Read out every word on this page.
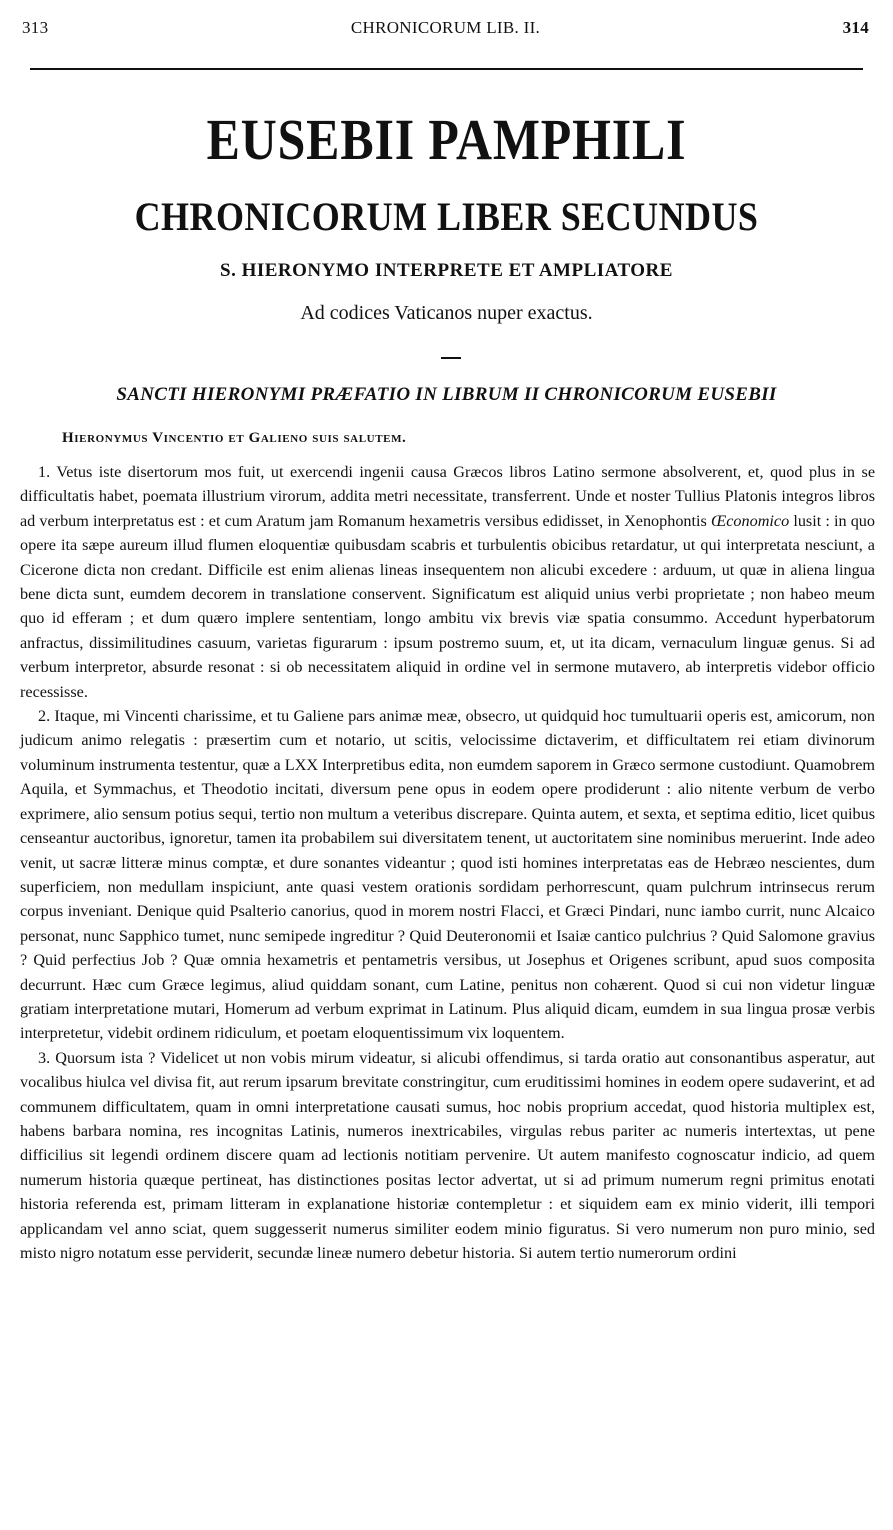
313	CHRONICORUM LIB. II.	314
EUSEBII PAMPHILI
CHRONICORUM LIBER SECUNDUS
S. HIERONYMO INTERPRETE ET AMPLIATORE
Ad codices Vaticanos nuper exactus.
SANCTI HIERONYMI PRÆFATIO IN LIBRUM II CHRONICORUM EUSEBII
Hieronymus Vincentio et Galieno suis salutem.

1. Vetus iste disertorum mos fuit, ut exercendi ingenii causa Græcos libros Latino sermone absolverent, et, quod plus in se difficultatis habet, poemata illustrium virorum, addita metri necessitate, transferrent. Unde et noster Tullius Platonis integros libros ad verbum interpretatus est : et cum Aratum jam Romanum hexametris versibus edidisset, in Xenophontis Œconomico lusit : in quo opere ita sæpe aureum illud flumen eloquentiæ quibusdam scabris et turbulentis obicibus retardatur, ut qui interpretata nesciunt, a Cicerone dicta non credant. Difficile est enim alienas lineas insequentem non alicubi excedere : arduum, ut quæ in aliena lingua bene dicta sunt, eumdem decorem in translatione conservent. Significatum est aliquid unius verbi proprietate ; non habeo meum quo id efferam ; et dum quæro implere sententiam, longo ambitu vix brevis viæ spatia consummo. Accedunt hyperbatorum anfractus, dissimilitudines casuum, varietas figurarum : ipsum postremo suum, et, ut ita dicam, vernaculum linguæ genus. Si ad verbum interpretor, absurde resonat : si ob necessitatem aliquid in ordine vel in sermone mutavero, ab interpretis videbor officio recessisse.

2. Itaque, mi Vincenti charissime, et tu Galiene pars animæ meæ, obsecro, ut quidquid hoc tumultuarii operis est, amicorum, non judicum animo relegatis : præsertim cum et notario, ut scitis, velocissime dictaverim, et difficultatem rei etiam divinorum voluminum instrumenta testentur, quæ a LXX Interpretibus edita, non eumdem saporem in Græco sermone custodiunt. Quamobrem Aquila, et Symmachus, et Theodotio incitati, diversum pene opus in eodem opere prodiderunt : alio nitente verbum de verbo exprimere, alio sensum potius sequi, tertio non multum a veteribus discrepare. Quinta autem, et sexta, et septima editio, licet quibus censeantur auctoribus, ignoretur, tamen ita probabilem sui diversitatem tenent, ut auctoritatem sine nominibus meruerint. Inde adeo venit, ut sacræ litteræ minus comptæ, et dure sonantes videantur ; quod isti homines interpretatas eas de Hebræo nescientes, dum superficiem, non medullam inspiciunt, ante quasi vestem orationis sordidam perhorrescunt, quam pulchrum intrinsecus rerum corpus inveniant. Denique quid Psalterio canorius, quod in morem nostri Flacci, et Græci Pindari, nunc iambo currit, nunc Alcaico personat, nunc Sapphico tumet, nunc semipede ingreditur ? Quid Deuteronomii et Isaiæ cantico pulchrius ? Quid Salomone gravius ? Quid perfectius Job ? Quæ omnia hexametris et pentametris versibus, ut Josephus et Origenes scribunt, apud suos composita decurrunt. Hæc cum Græce legimus, aliud quiddam sonant, cum Latine, penitus non cohærent. Quod si cui non videtur linguæ gratiam interpretatione mutari, Homerum ad verbum exprimat in Latinum. Plus aliquid dicam, eumdem in sua lingua prosæ verbis interpretetur, videbit ordinem ridiculum, et poetam eloquentissimum vix loquentem.

3. Quorsum ista ? Videlicet ut non vobis mirum videatur, si alicubi offendimus, si tarda oratio aut consonantibus asperatur, aut vocalibus hiulca vel divisa fit, aut rerum ipsarum brevitate constringitur, cum eruditissimi homines in eodem opere sudaverint, et ad communem difficultatem, quam in omni interpretatione causati sumus, hoc nobis proprium accedat, quod historia multiplex est, habens barbara nomina, res incognitas Latinis, numeros inextricabiles, virgulas rebus pariter ac numeris intertextas, ut pene difficilius sit legendi ordinem discere quam ad lectionis notitiam pervenire. Ut autem manifesto cognoscatur indicio, ad quem numerum historia quæque pertineat, has distinctiones positas lector advertat, ut si ad primum numerum regni primitus enotati historia referenda est, primam litteram in explanatione historiæ contempletur : et siquidem eam ex minio viderit, illi tempori applicandam vel anno sciat, quem suggesserit numerus similiter eodem minio figuratus. Si vero numerum non puro minio, sed misto nigro notatum esse perviderit, secundæ lineæ numero debetur historia. Si autem tertio numerorum ordini
